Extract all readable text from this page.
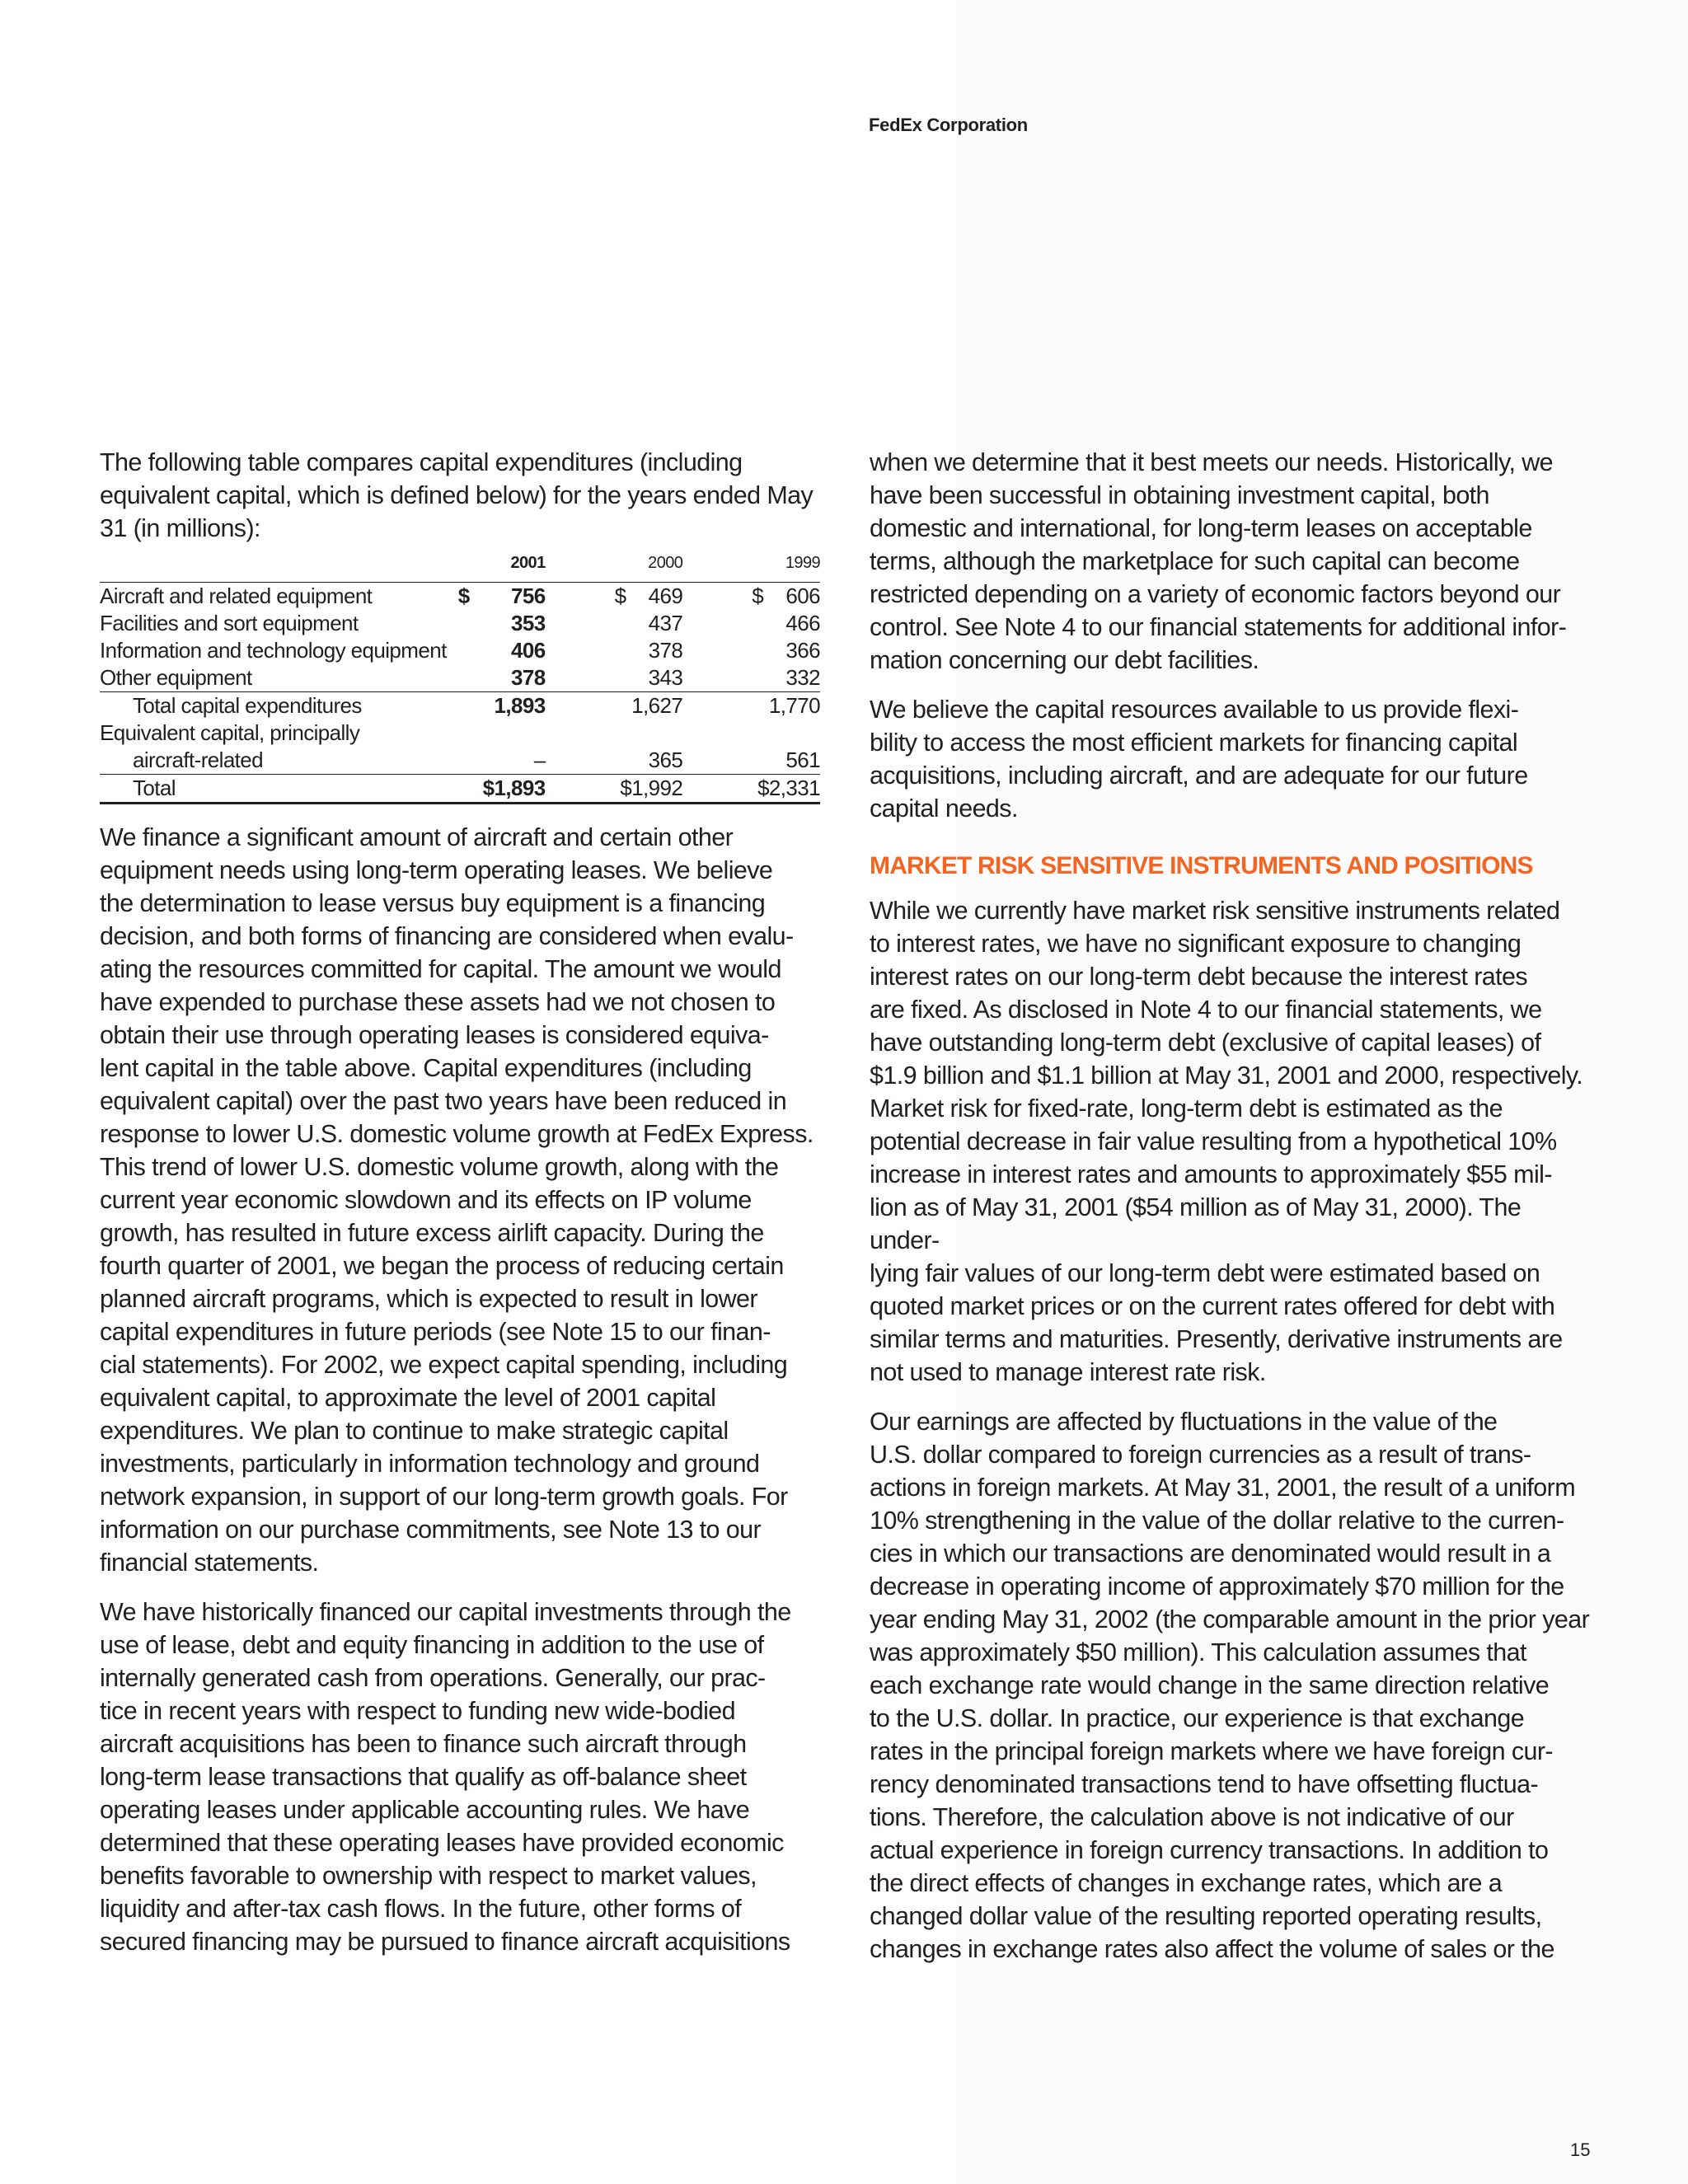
FedEx Corporation

The following table compares capital expenditures (including equivalent capital, which is defined below) for the years ended May 31 (in millions):

	2001		2000		1999	
Aircraft and related equipment	$	756	$	469	$	606
Facilities and sort equipment	353		437		466	
Information and technology equipment	406		378		366	
Other equipment	378		343		332	
Total capital expenditures	1,893		1,627		1,770	
Equivalent capital, principally						
aircraft-related	–		365		561	
Total	$1,893		$1,992		$2,331	

We finance a significant amount of aircraft and certain other
equipment needs using long-term operating leases. We believe
the determination to lease versus buy equipment is a financing
decision, and both forms of financing are considered when evalu-
ating the resources committed for capital. The amount we would
have expended to purchase these assets had we not chosen to
obtain their use through operating leases is considered equiva-
lent capital in the table above. Capital expenditures (including
equivalent capital) over the past two years have been reduced in
response to lower U.S. domestic volume growth at FedEx Express.
This trend of lower U.S. domestic volume growth, along with the
current year economic slowdown and its effects on IP volume
growth, has resulted in future excess airlift capacity. During the
fourth quarter of 2001, we began the process of reducing certain
planned aircraft programs, which is expected to result in lower
capital expenditures in future periods (see Note 15 to our finan-
cial statements). For 2002, we expect capital spending, including
equivalent capital, to approximate the level of 2001 capital
expenditures. We plan to continue to make strategic capital
investments, particularly in information technology and ground
network expansion, in support of our long-term growth goals. For
information on our purchase commitments, see Note 13 to our
financial statements.

We have historically financed our capital investments through the
use of lease, debt and equity financing in addition to the use of
internally generated cash from operations. Generally, our prac-
tice in recent years with respect to funding new wide-bodied
aircraft acquisitions has been to finance such aircraft through
long-term lease transactions that qualify as off-balance sheet
operating leases under applicable accounting rules. We have
determined that these operating leases have provided economic
benefits favorable to ownership with respect to market values,
liquidity and after-tax cash flows. In the future, other forms of
secured financing may be pursued to finance aircraft acquisitions

when we determine that it best meets our needs. Historically, we
have been successful in obtaining investment capital, both
domestic and international, for long-term leases on acceptable
terms, although the marketplace for such capital can become
restricted depending on a variety of economic factors beyond our
control. See Note 4 to our financial statements for additional infor-
mation concerning our debt facilities.

We believe the capital resources available to us provide flexi-
bility to access the most efficient markets for financing capital
acquisitions, including aircraft, and are adequate for our future
capital needs.

MARKET RISK SENSITIVE INSTRUMENTS AND POSITIONS

While we currently have market risk sensitive instruments related
to interest rates, we have no significant exposure to changing
interest rates on our long-term debt because the interest rates
are fixed. As disclosed in Note 4 to our financial statements, we
have outstanding long-term debt (exclusive of capital leases) of
$1.9 billion and $1.1 billion at May 31, 2001 and 2000, respectively.
Market risk for fixed-rate, long-term debt is estimated as the
potential decrease in fair value resulting from a hypothetical 10%
increase in interest rates and amounts to approximately $55 mil-
lion as of May 31, 2001 ($54 million as of May 31, 2000). The under-
lying fair values of our long-term debt were estimated based on
quoted market prices or on the current rates offered for debt with
similar terms and maturities. Presently, derivative instruments are
not used to manage interest rate risk.

Our earnings are affected by fluctuations in the value of the
U.S. dollar compared to foreign currencies as a result of trans-
actions in foreign markets. At May 31, 2001, the result of a uniform
10% strengthening in the value of the dollar relative to the curren-
cies in which our transactions are denominated would result in a
decrease in operating income of approximately $70 million for the
year ending May 31, 2002 (the comparable amount in the prior year
was approximately $50 million). This calculation assumes that
each exchange rate would change in the same direction relative
to the U.S. dollar. In practice, our experience is that exchange
rates in the principal foreign markets where we have foreign cur-
rency denominated transactions tend to have offsetting fluctua-
tions. Therefore, the calculation above is not indicative of our
actual experience in foreign currency transactions. In addition to
the direct effects of changes in exchange rates, which are a
changed dollar value of the resulting reported operating results,
changes in exchange rates also affect the volume of sales or the

15
